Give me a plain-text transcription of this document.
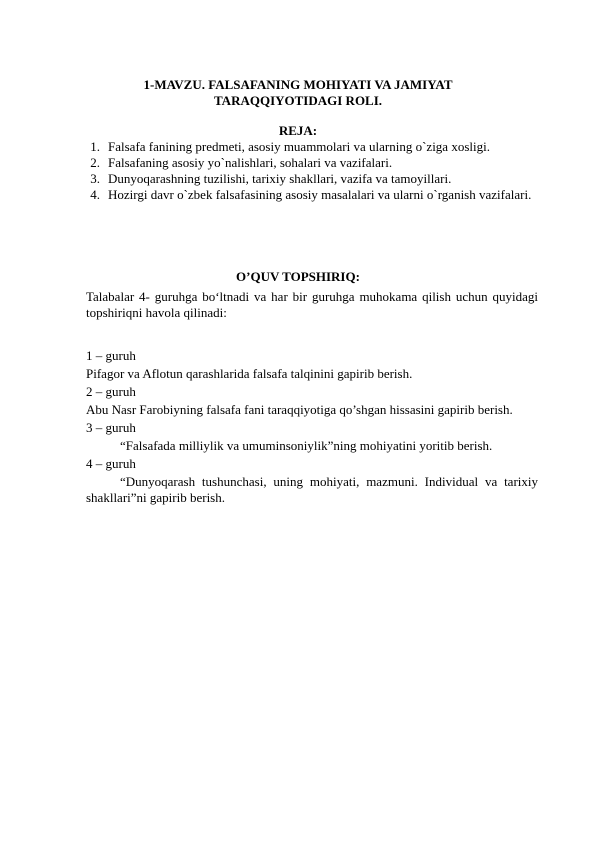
1-MAVZU. FALSAFANING MOHIYATI VA JAMIYAT
TARAQQIYOTIDAGI ROLI.
REJA:
1. Falsafa fanining predmeti, asosiy muammolari va ularning o`ziga xosligi.
2. Falsafaning asosiy yo`nalishlari, sohalari va vazifalari.
3. Dunyoqarashning tuzilishi, tarixiy shakllari, vazifa va tamoyillari.
4. Hozirgi davr o`zbek falsafasining asosiy masalalari va ularni o`rganish vazifalari.
O’QUV TOPSHIRIQ:
Talabalar 4- guruhga bo‘ltnadi va har bir guruhga muhokama qilish uchun quyidagi topshiriqni havola qilinadi:

1 – guruh

Pifagor va Aflotun qarashlarida falsafa talqinini gapirib berish.

2 – guruh

Abu Nasr Farobiyning falsafa fani taraqqiyotiga qo’shgan hissasini gapirib berish.

3 – guruh

“Falsafada milliylik va umuminsoniylik”ning mohiyatini yoritib berish.

4 – guruh

“Dunyoqarash tushunchasi, uning mohiyati, mazmuni. Individual va tarixiy shakllari”ni gapirib berish.
